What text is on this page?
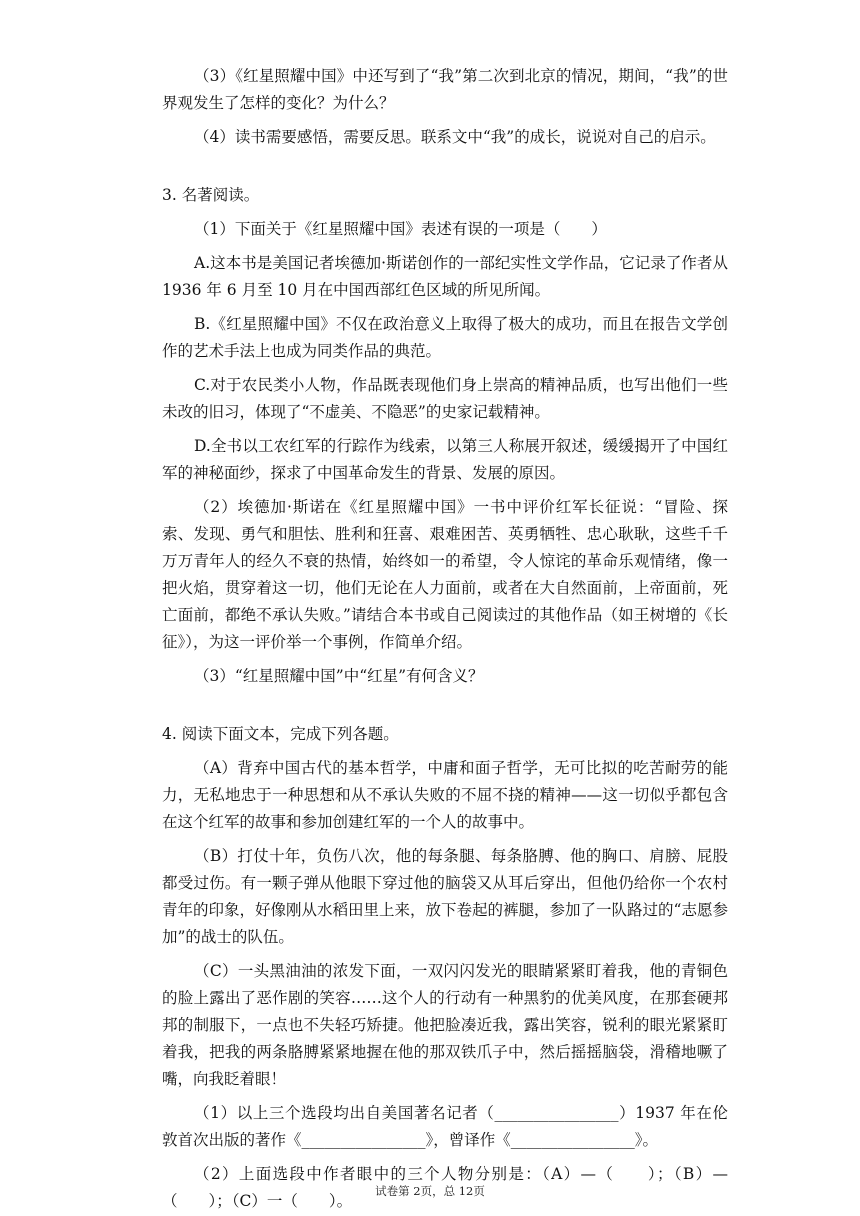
（3）《红星照耀中国》中还写到了“我”第二次到北京的情况，期间，“我”的世界观发生了怎样的变化？为什么？

（4）读书需要感悟，需要反思。联系文中“我”的成长，说说对自己的启示。

3. 名著阅读。

（1）下面关于《红星照耀中国》表述有误的一项是（　　）

A.这本书是美国记者埃德加·斯诺创作的一部纪实性文学作品，它记录了作者从 1936 年 6 月至 10 月在中国西部红色区域的所见所闻。

B.《红星照耀中国》不仅在政治意义上取得了极大的成功，而且在报告文学创作的艺术手法上也成为同类作品的典范。

C.对于农民类小人物，作品既表现他们身上崇高的精神品质，也写出他们一些未改的旧习，体现了“不虚美、不隐恶”的史家记载精神。

D.全书以工农红军的行踪作为线索，以第三人称展开叙述，缓缓揭开了中国红军的神秘面纱，探求了中国革命发生的背景、发展的原因。

（2）埃德加·斯诺在《红星照耀中国》一书中评价红军长征说：“冒险、探索、发现、勇气和胆怯、胜利和狂喜、艰难困苦、英勇牺牲、忠心耿耿，这些千千万万青年人的经久不衰的热情，始终如一的希望，令人惊诧的革命乐观情绪，像一把火焰，贯穿着这一切，他们无论在人力面前，或者在大自然面前，上帝面前，死亡面前，都绝不承认失败。”请结合本书或自己阅读过的其他作品（如王树增的《长征》），为这一评价举一个事例，作简单介绍。

（3）“红星照耀中国”中“红星”有何含义？

4. 阅读下面文本，完成下列各题。

（A）背弃中国古代的基本哲学，中庸和面子哲学，无可比拟的吃苦耐劳的能力，无私地忠于一种思想和从不承认失败的不屈不挠的精神——这一切似乎都包含在这个红军的故事和参加创建红军的一个人的故事中。

（B）打仗十年，负伤八次，他的每条腿、每条胳膊、他的胸口、肩膀、屁股都受过伤。有一颗子弹从他眼下穿过他的脑袋又从耳后穿出，但他仍给你一个农村青年的印象，好像刚从水稻田里上来，放下卷起的裤腿，参加了一队路过的“志愿参加”的战士的队伍。

（C）一头黑油油的浓发下面，一双闪闪发光的眼睛紧紧盯着我，他的青铜色的脸上露出了恶作剧的笑容……这个人的行动有一种黑豹的优美风度，在那套硬邦邦的制服下，一点也不失轻巧矫捷。他把脸凑近我，露出笑容，锐利的眼光紧紧盯着我，把我的两条胳膊紧紧地握在他的那双铁爪子中，然后摇摇脑袋，滑稽地噘了嘴，向我眨着眼！

（1）以上三个选段均出自美国著名记者（________________）1937 年在伦敦首次出版的著作《________________》，曾译作《________________》。

（2）上面选段中作者眼中的三个人物分别是：（A）—（　　）；（B）—（　　）；（C）一（　　）。

试卷第 2页，总 12页
